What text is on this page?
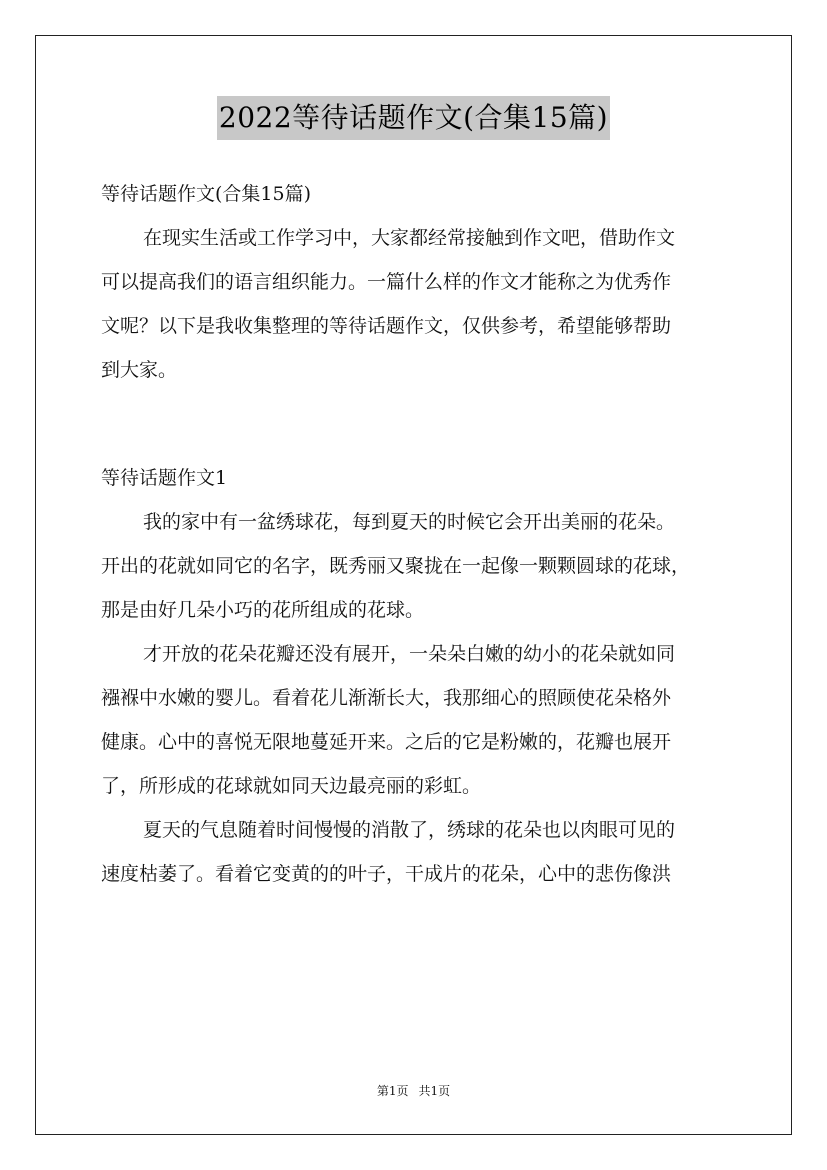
2022等待话题作文(合集15篇)
等待话题作文(合集15篇)
在现实生活或工作学习中，大家都经常接触到作文吧，借助作文
可以提高我们的语言组织能力。一篇什么样的作文才能称之为优秀作
文呢？以下是我收集整理的等待话题作文，仅供参考，希望能够帮助
到大家。
等待话题作文1
我的家中有一盆绣球花，每到夏天的时候它会开出美丽的花朵。
开出的花就如同它的名字，既秀丽又聚拢在一起像一颗颗圆球的花球，
那是由好几朵小巧的花所组成的花球。
才开放的花朵花瓣还没有展开，一朵朵白嫩的幼小的花朵就如同
襁褓中水嫩的婴儿。看着花儿渐渐长大，我那细心的照顾使花朵格外
健康。心中的喜悦无限地蔓延开来。之后的它是粉嫩的，花瓣也展开
了，所形成的花球就如同天边最亮丽的彩虹。
夏天的气息随着时间慢慢的消散了，绣球的花朵也以肉眼可见的
速度枯萎了。看着它变黄的的叶子，干成片的花朵，心中的悲伤像洪
第1页 共1页
